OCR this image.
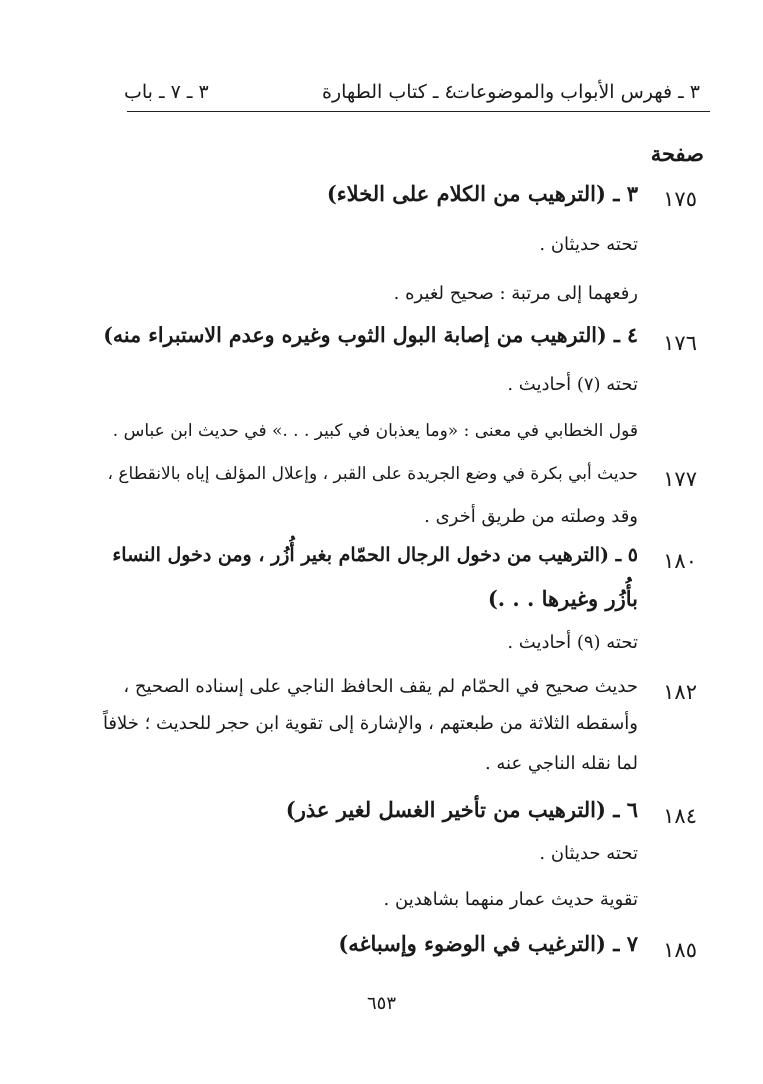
٣ ـ فهرس الأبواب والموضوعات
٤ ـ كتاب الطهارة
٣ ـ ٧ ـ باب
صفحة
١٧٥
٣ ـ (الترهيب من الكلام على الخلاء)
تحته حديثان .
رفعهما إلى مرتبة : صحيح لغيره .
١٧٦
٤ ـ (الترهيب من إصابة البول الثوب وغيره وعدم الاستبراء منه)
تحته (٧) أحاديث .
قول الخطابي في معنى : «وما يعذبان في كبير . . .» في حديث ابن عباس .
١٧٧
حديث أبي بكرة في وضع الجريدة على القبر ، وإعلال المؤلف إياه بالانقطاع ،
وقد وصلته من طريق أخرى .
١٨٠
٥ ـ (الترهيب من دخول الرجال الحمّام بغير أُزُر ، ومن دخول النساء
بأُزُر وغيرها . . .)
تحته (٩) أحاديث .
١٨٢
حديث صحيح في الحمّام لم يقف الحافظ الناجي على إسناده الصحيح ،
وأسقطه الثلاثة من طبعتهم ، والإشارة إلى تقوية ابن حجر للحديث ؛ خلافاً
لما نقله الناجي عنه .
١٨٤
٦ ـ (الترهيب من تأخير الغسل لغير عذر)
تحته حديثان .
تقوية حديث عمار منهما بشاهدين .
١٨٥
٧ ـ (الترغيب في الوضوء وإسباغه)
٦٥٣
